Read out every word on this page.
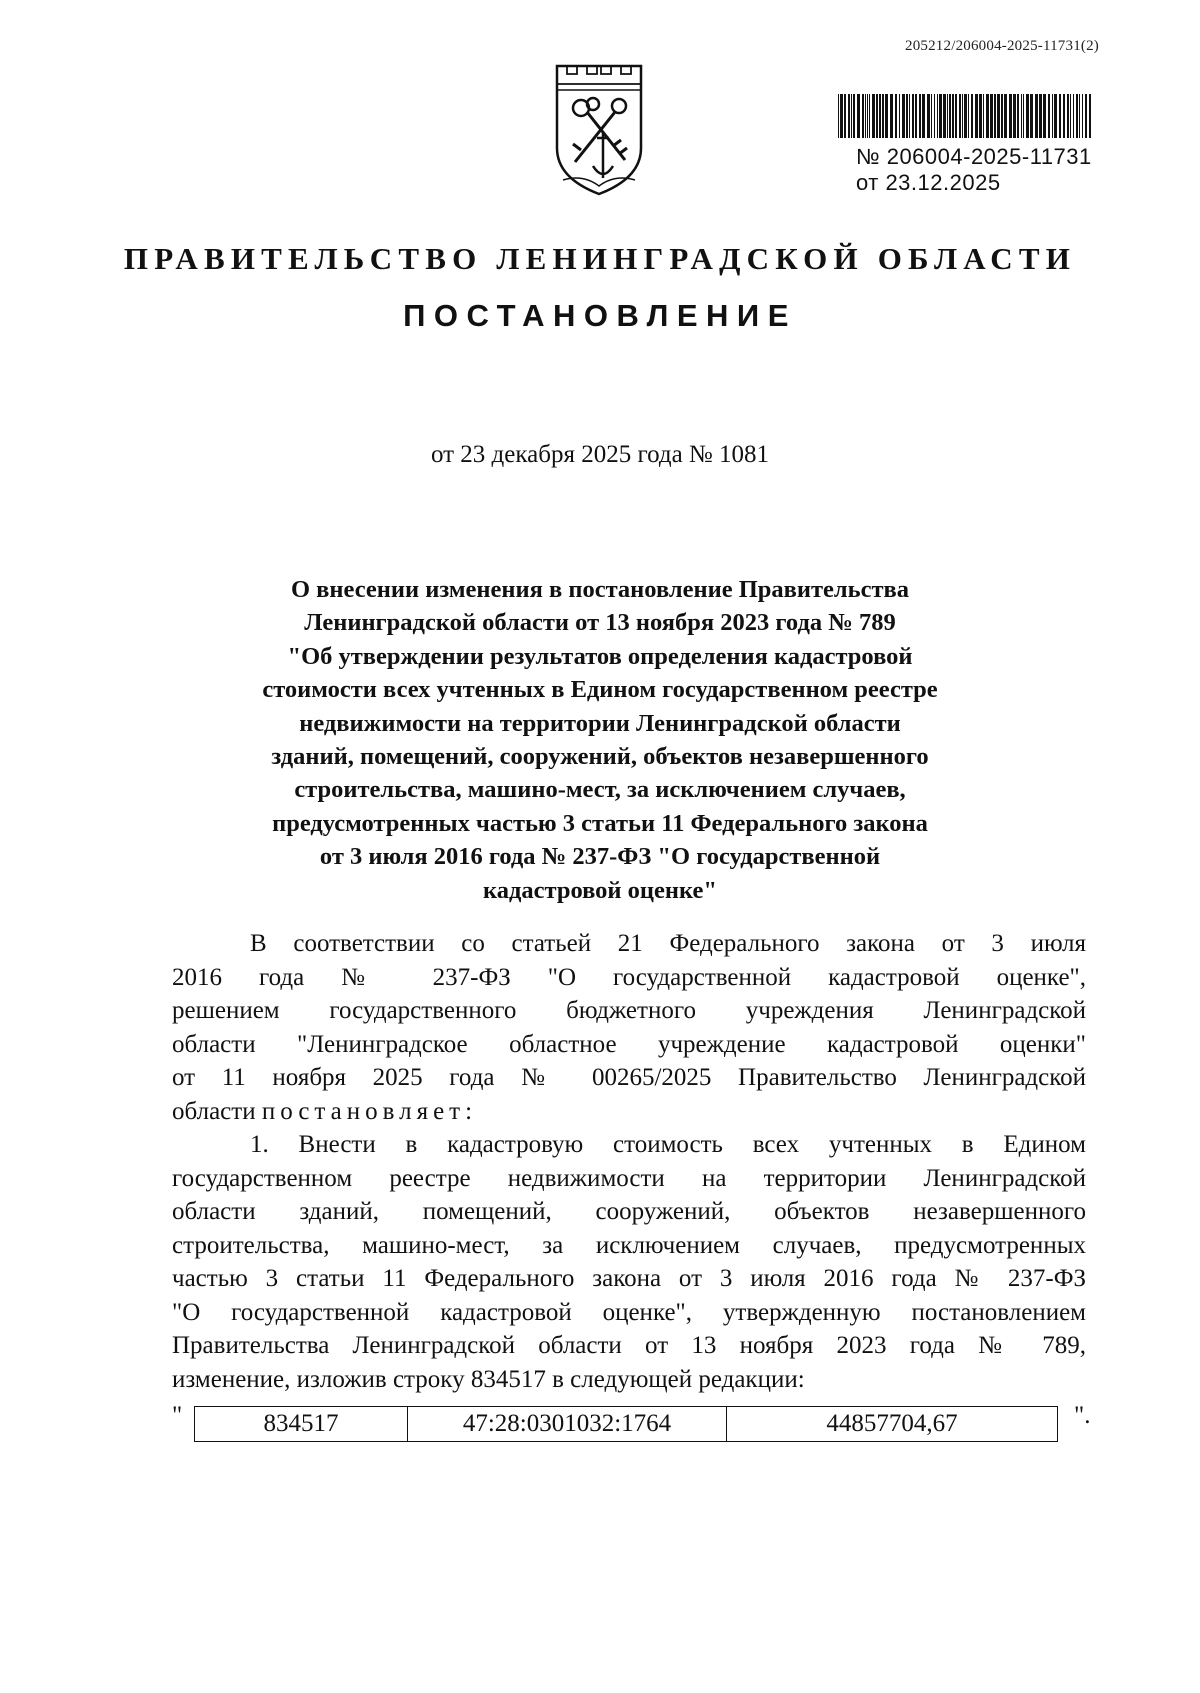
205212/206004-2025-11731(2)
№ 206004-2025-11731
от 23.12.2025
ПРАВИТЕЛЬСТВО ЛЕНИНГРАДСКОЙ ОБЛАСТИ
ПОСТАНОВЛЕНИЕ
от 23 декабря 2025 года № 1081
О внесении изменения в постановление Правительства
Ленинградской области от 13 ноября 2023 года № 789
"Об утверждении результатов определения кадастровой
стоимости всех учтенных в Едином государственном реестре
недвижимости на территории Ленинградской области
зданий, помещений, сооружений, объектов незавершенного
строительства, машино-мест, за исключением случаев,
предусмотренных частью 3 статьи 11 Федерального закона
от 3 июля 2016 года № 237-ФЗ "О государственной
кадастровой оценке"
В соответствии со статьей 21 Федерального закона от 3 июля
2016 года № 237-ФЗ "О государственной кадастровой оценке",
решением государственного бюджетного учреждения Ленинградской
области "Ленинградское областное учреждение кадастровой оценки"
от 11 ноября 2025 года № 00265/2025 Правительство Ленинградской
области постановляет:
1. Внести в кадастровую стоимость всех учтенных в Едином
государственном реестре недвижимости на территории Ленинградской
области зданий, помещений, сооружений, объектов незавершенного
строительства, машино-мест, за исключением случаев, предусмотренных
частью 3 статьи 11 Федерального закона от 3 июля 2016 года № 237-ФЗ
"О государственной кадастровой оценке", утвержденную постановлением
Правительства Ленинградской области от 13 ноября 2023 года № 789,
изменение, изложив строку 834517 в следующей редакции:
"	834517	47:28:0301032:1764	44857704,67	".
